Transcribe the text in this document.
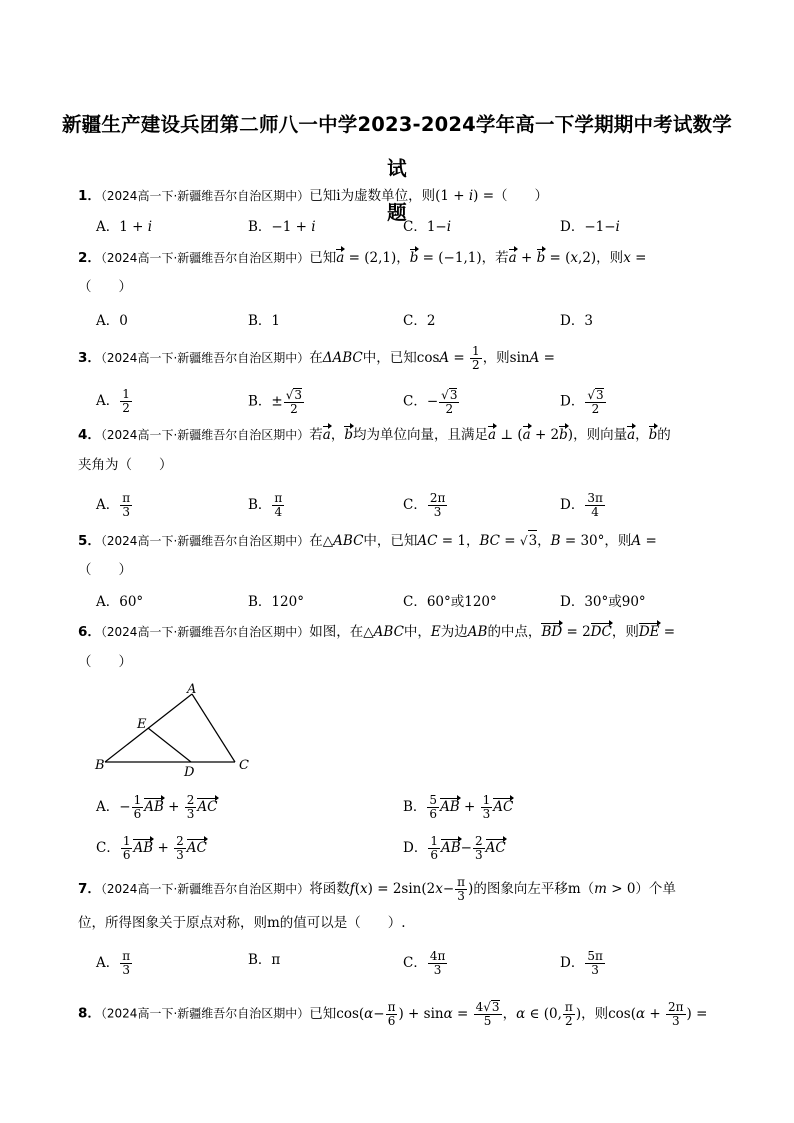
新疆生产建设兵团第二师八一中学2023-2024学年高一下学期期中考试数学试
题
1．（2024高一下·新疆维吾尔自治区期中）已知i为虚数单位，则(1 + i) =（　　）
A．1 + i	B．−1 + i	C．1−i	D．−1−i
2．（2024高一下·新疆维吾尔自治区期中）已知a = (2,1)，b = (−1,1)，若a + b = (x,2)，则x =
（　　）
A．0	B．1	C．2	D．3
3．（2024高一下·新疆维吾尔自治区期中）在ΔABC中，已知$\cos A = \frac{1}{2}$ ，则sinA =
A． $\frac{1}{2}$	B．± $\frac{√3}{2}$	C．− $\frac{√3}{2}$	D． $\frac{√3}{2}$
4．（2024高一下·新疆维吾尔自治区期中）若a，b均为单位向量，且满足a ⊥ (a + 2b)，则向量a，b的
夹角为（　　）
A． $\frac{\pi}{3}$	B． $\frac{\pi}{4}$	C． $\frac{2\pi}{3}$	D． $\frac{3\pi}{4}$
5．（2024高一下·新疆维吾尔自治区期中）在△ABC中，已知AC = 1，BC = √3，B = 30°，则A =
（　　）
A．60°	B．120°	C．60°或120°	D．30°或90°
6．（2024高一下·新疆维吾尔自治区期中）如图，在△ABC中，E为边AB的中点，BD = 2DC，则DE =
（　　）
A
E
B	D	C
A．− $\frac{1}{6}$ AB + $\frac{2}{3}$ AC	B． $\frac{5}{6}$ AB + $\frac{1}{3}$ AC
C． $\frac{1}{6}$ AB + $\frac{2}{3}$ AC	D． $\frac{1}{6} AB- \frac{2}{3}$ AC
7．（2024高一下·新疆维吾尔自治区期中）将函数$f(x) = 2\sin(2x- \frac{\pi}{3}$ )的图象向左平移m（m > 0）个单
位，所得图象关于原点对称，则m的值可以是（　　）.
A． $\frac{\pi}{3}$	B．π	C． $\frac{4\pi}{3}$	D． $\frac{5\pi}{3}$
8．（2024高一下·新疆维吾尔自治区期中）已知$\cos(\alpha- \frac{\pi}{6}$ ) + $\sin\alpha = \frac{4√3}{5}$ ，α ∈ (0, $\frac{\pi}{2}$ )，则$\cos(\alpha + \frac{2\pi}{3}$ ) =
